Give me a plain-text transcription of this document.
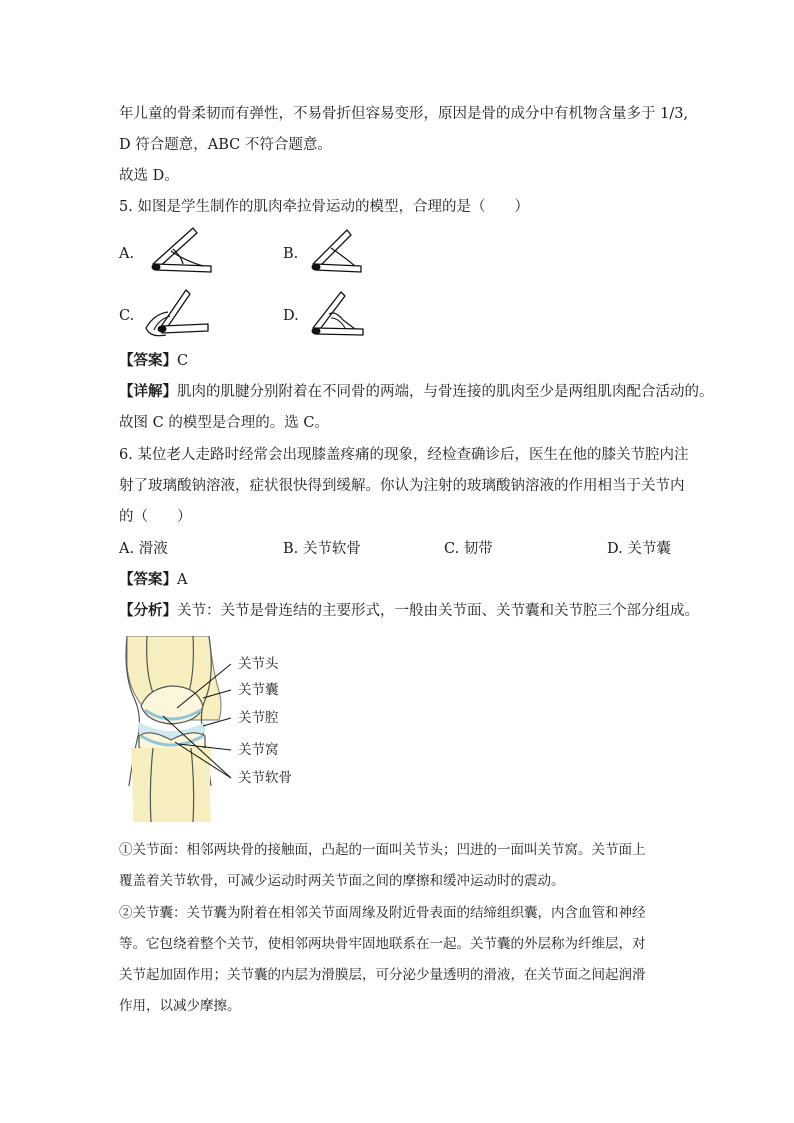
年儿童的骨柔韧而有弹性，不易骨折但容易变形，原因是骨的成分中有机物含量多于 1/3,
D 符合题意，ABC 不符合题意。
故选 D。
5. 如图是学生制作的肌肉牵拉骨运动的模型，合理的是（　　）
A.	B.
C.	D.
【答案】C
【详解】肌肉的肌腱分别附着在不同骨的两端，与骨连接的肌肉至少是两组肌肉配合活动的。
故图 C 的模型是合理的。选 C。
6. 某位老人走路时经常会出现膝盖疼痛的现象，经检查确诊后，医生在他的膝关节腔内注
射了玻璃酸钠溶液，症状很快得到缓解。你认为注射的玻璃酸钠溶液的作用相当于关节内
的（　　）
A. 滑液	B. 关节软骨	C. 韧带	D. 关节囊
【答案】A
【分析】关节：关节是骨连结的主要形式，一般由关节面、关节囊和关节腔三个部分组成。
关节头
关节囊
关节腔
关节窝
关节软骨
①关节面：相邻两块骨的接触面，凸起的一面叫关节头；凹进的一面叫关节窝。关节面上
覆盖着关节软骨，可减少运动时两关节面之间的摩擦和缓冲运动时的震动。
②关节囊：关节囊为附着在相邻关节面周缘及附近骨表面的结缔组织囊，内含血管和神经
等。它包绕着整个关节，使相邻两块骨牢固地联系在一起。关节囊的外层称为纤维层，对
关节起加固作用；关节囊的内层为滑膜层，可分泌少量透明的滑液，在关节面之间起润滑
作用，以减少摩擦。
